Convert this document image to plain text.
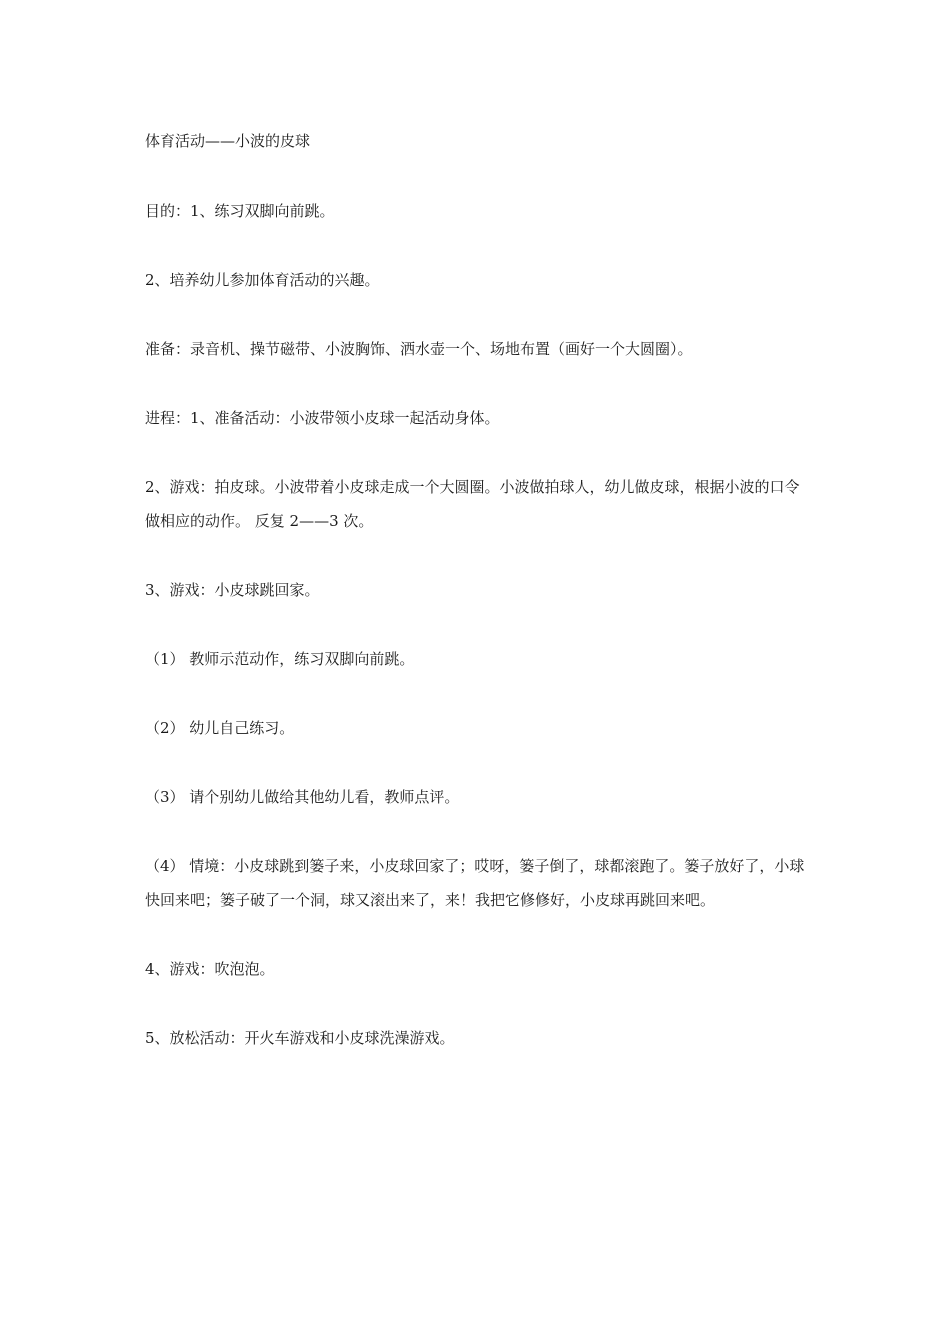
体育活动——小波的皮球

目的：1、练习双脚向前跳。

2、培养幼儿参加体育活动的兴趣。

准备：录音机、操节磁带、小波胸饰、洒水壶一个、场地布置（画好一个大圆圈）。

进程：1、准备活动：小波带领小皮球一起活动身体。

2、游戏：拍皮球。小波带着小皮球走成一个大圆圈。小波做拍球人，幼儿做皮球，根据小波的口令做相应的动作。 反复 2——3 次。

3、游戏：小皮球跳回家。

（1） 教师示范动作，练习双脚向前跳。

（2） 幼儿自己练习。

（3） 请个别幼儿做给其他幼儿看，教师点评。

（4） 情境：小皮球跳到篓子来，小皮球回家了；哎呀，篓子倒了，球都滚跑了。篓子放好了，小球快回来吧；篓子破了一个洞，球又滚出来了，来！我把它修修好，小皮球再跳回来吧。

4、游戏：吹泡泡。

5、放松活动：开火车游戏和小皮球洗澡游戏。
